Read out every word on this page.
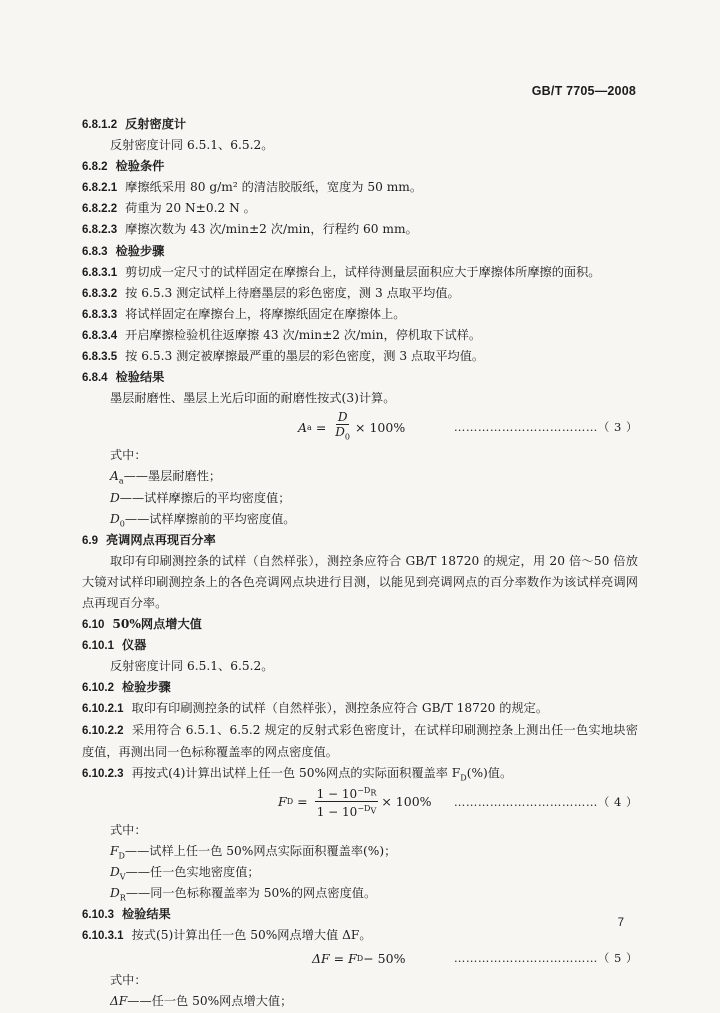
GB/T 7705—2008
6.8.1.2 反射密度计
反射密度计同 6.5.1、6.5.2。
6.8.2 检验条件
6.8.2.1 摩擦纸采用 80 g/m² 的清洁胶版纸，宽度为 50 mm。
6.8.2.2 荷重为 20 N±0.2 N 。
6.8.2.3 摩擦次数为 43 次/min±2 次/min，行程约 60 mm。
6.8.3 检验步骤
6.8.3.1 剪切成一定尺寸的试样固定在摩擦台上，试样待测量层面积应大于摩擦体所摩擦的面积。
6.8.3.2 按 6.5.3 测定试样上待磨墨层的彩色密度，测 3 点取平均值。
6.8.3.3 将试样固定在摩擦台上，将摩擦纸固定在摩擦体上。
6.8.3.4 开启摩擦检验机往返摩擦 43 次/min±2 次/min，停机取下试样。
6.8.3.5 按 6.5.3 测定被摩擦最严重的墨层的彩色密度，测 3 点取平均值。
6.8.4 检验结果
墨层耐磨性、墨层上光后印面的耐磨性按式(3)计算。
A $a = \frac{D}{D_0} \times 100\%$	………………………………（ 3 ）
式中：
$A_a——$墨层耐磨性；
D——试样摩擦后的平均密度值；
$D_0——$试样摩擦前的平均密度值。
6.9 亮调网点再现百分率
取印有印刷测控条的试样（自然样张），测控条应符合 GB/T 18720 的规定，用 20 倍～50 倍放大镜对试样印刷测控条上的各色亮调网点块进行目测，以能见到亮调网点的百分率数作为该试样亮调网点再现百分率。
6.10 50%网点增大值
6.10.1 仪器
反射密度计同 6.5.1、6.5.2。
6.10.2 检验步骤
6.10.2.1 取印有印刷测控条的试样（自然样张），测控条应符合 GB/T 18720 的规定。
6.10.2.2 采用符合 6.5.1、6.5.2 规定的反射式彩色密度计，在试样印刷测控条上测出任一色实地块密度值，再测出同一色标称覆盖率的网点密度值。
6.10.2.3 再按式(4)计算出试样上任一色 50%网点的实际面积覆盖率 $F_D(\%)$值。
F $D = \frac{1 - 10^{-D_R}}{1 - 10^{-D_V}} \times 100\%$ ………………………………（ 4 ）
式中：
$F_D——$试样上任一色 50%网点实际面积覆盖率(%)；
$D_V——$任一色实地密度值；
$D_R——$同一色标称覆盖率为 50%的网点密度值。
6.10.3 检验结果
6.10.3.1 按式(5)计算出任一色 50%网点增大值 ΔF。
ΔF = F D − 50%	………………………………（ 5 ）
式中：
ΔF——任一色 50%网点增大值；
7
